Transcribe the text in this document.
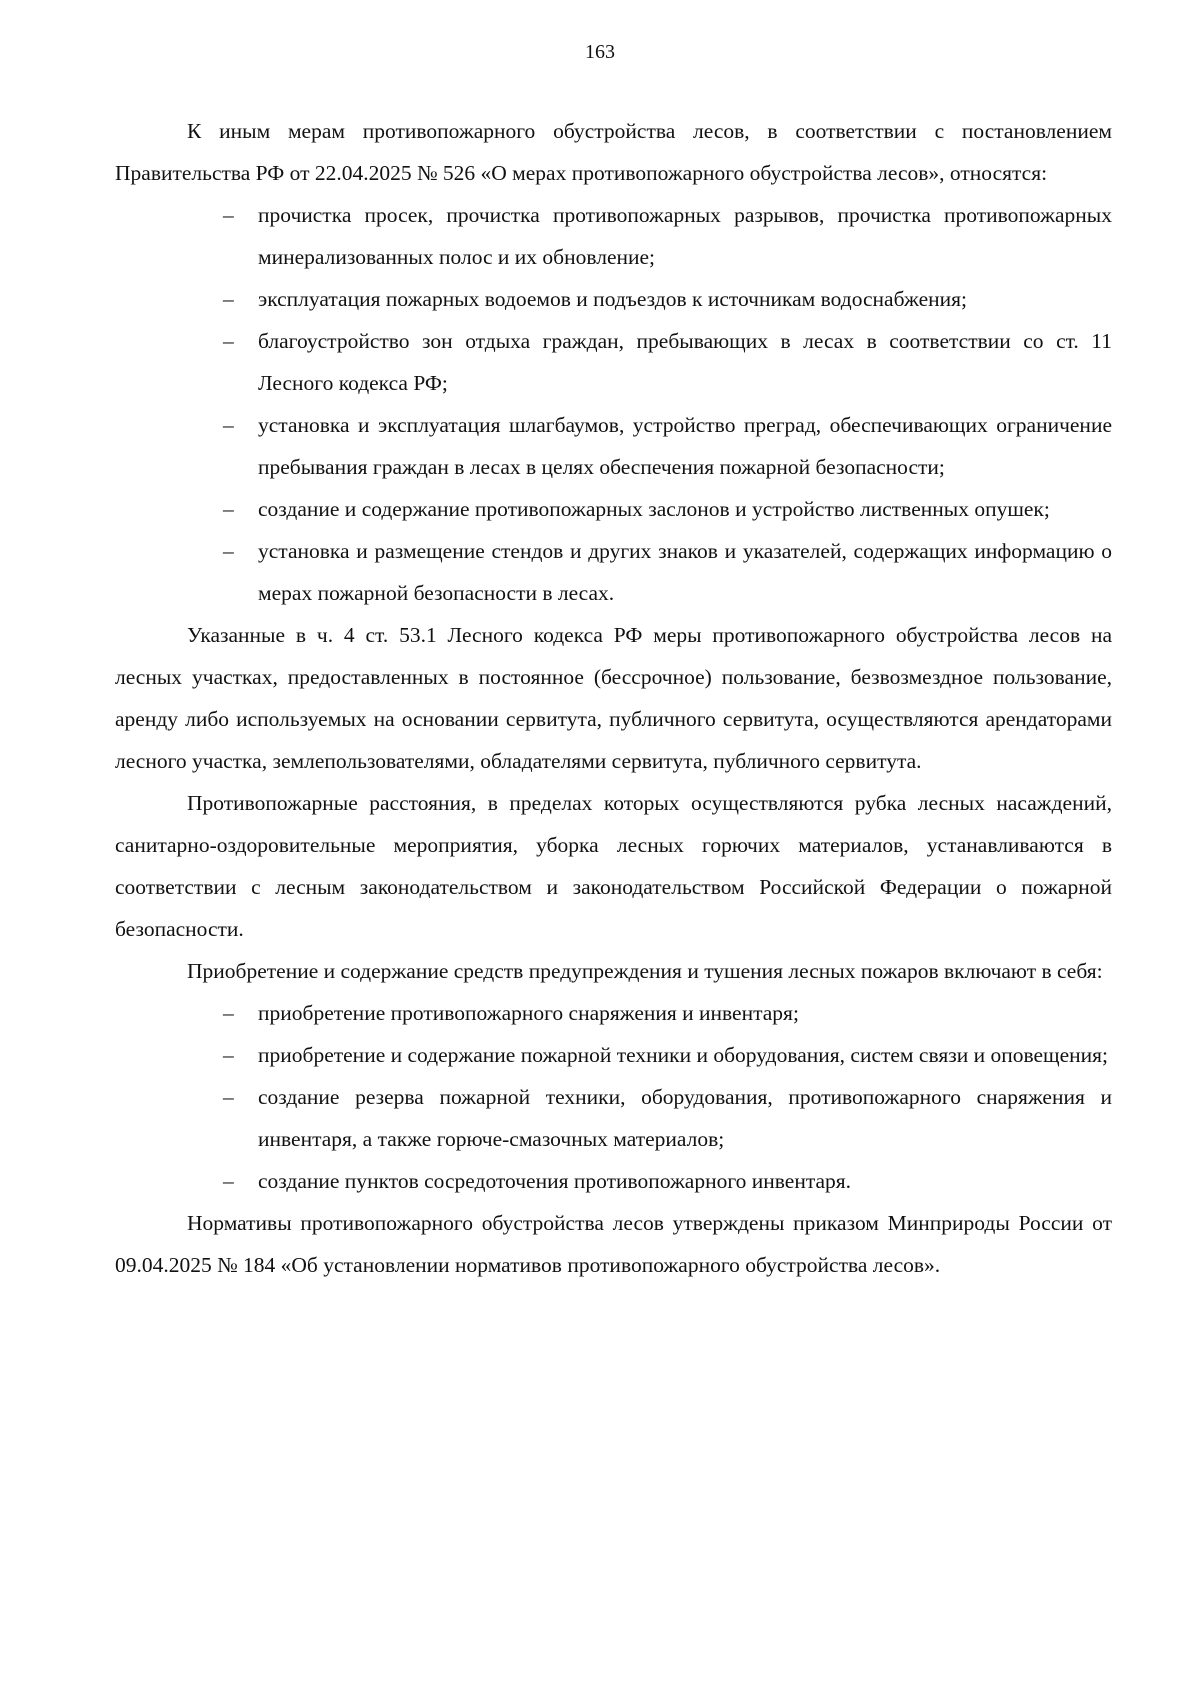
163

К иным мерам противопожарного обустройства лесов, в соответствии с постановлением Правительства РФ от 22.04.2025 № 526 «О мерах противопожарного обустройства лесов», относятся:

– прочистка просек, прочистка противопожарных разрывов, прочистка противопожарных минерализованных полос и их обновление;
– эксплуатация пожарных водоемов и подъездов к источникам водоснабжения;
– благоустройство зон отдыха граждан, пребывающих в лесах в соответствии со ст. 11 Лесного кодекса РФ;
– установка и эксплуатация шлагбаумов, устройство преград, обеспечивающих ограничение пребывания граждан в лесах в целях обеспечения пожарной безопасности;
– создание и содержание противопожарных заслонов и устройство лиственных опушек;
– установка и размещение стендов и других знаков и указателей, содержащих информацию о мерах пожарной безопасности в лесах.

Указанные в ч. 4 ст. 53.1 Лесного кодекса РФ меры противопожарного обустройства лесов на лесных участках, предоставленных в постоянное (бессрочное) пользование, безвозмездное пользование, аренду либо используемых на основании сервитута, публичного сервитута, осуществляются арендаторами лесного участка, землепользователями, обладателями сервитута, публичного сервитута.

Противопожарные расстояния, в пределах которых осуществляются рубка лесных насаждений, санитарно-оздоровительные мероприятия, уборка лесных горючих материалов, устанавливаются в соответствии с лесным законодательством и законодательством Российской Федерации о пожарной безопасности.

Приобретение и содержание средств предупреждения и тушения лесных пожаров включают в себя:

– приобретение противопожарного снаряжения и инвентаря;
– приобретение и содержание пожарной техники и оборудования, систем связи и оповещения;
– создание резерва пожарной техники, оборудования, противопожарного снаряжения и инвентаря, а также горюче-смазочных материалов;
– создание пунктов сосредоточения противопожарного инвентаря.

Нормативы противопожарного обустройства лесов утверждены приказом Минприроды России от 09.04.2025 № 184 «Об установлении нормативов противопожарного обустройства лесов».
